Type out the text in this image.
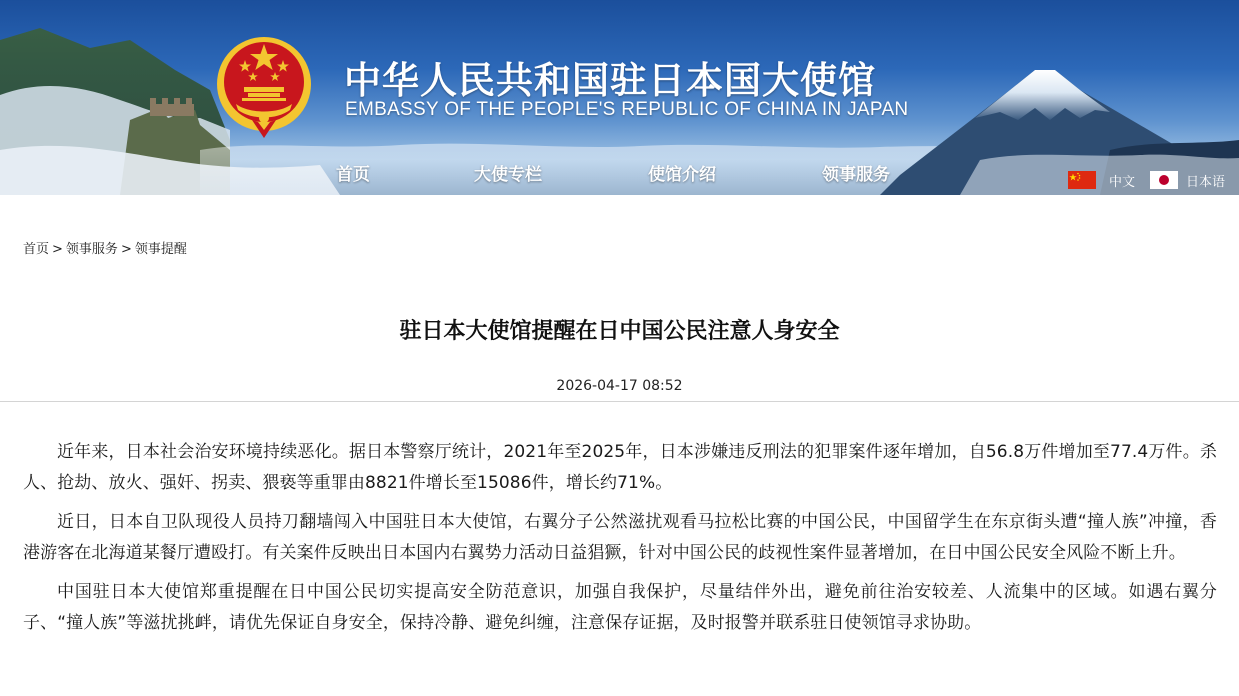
中华人民共和国驻日本国大使馆
EMBASSY OF THE PEOPLE'S REPUBLIC OF CHINA IN JAPAN
首页	大使专栏	使馆介绍	领事服务	中文	日本语
首页 > 领事服务 > 领事提醒
驻日本大使馆提醒在日中国公民注意人身安全
2026-04-17 08:52

近年来，日本社会治安环境持续恶化。据日本警察厅统计，2021年至2025年，日本涉嫌违反刑法的犯罪案件逐年增加，自56.8万件增加至77.4万件。杀人、抢劫、放火、强奸、拐卖、猥亵等重罪由8821件增长至15086件，增长约71%。

近日，日本自卫队现役人员持刀翻墙闯入中国驻日本大使馆，右翼分子公然滋扰观看马拉松比赛的中国公民，中国留学生在东京街头遭“撞人族”冲撞，香港游客在北海道某餐厅遭殴打。有关案件反映出日本国内右翼势力活动日益猖獗，针对中国公民的歧视性案件显著增加，在日中国公民安全风险不断上升。

中国驻日本大使馆郑重提醒在日中国公民切实提高安全防范意识，加强自我保护，尽量结伴外出，避免前往治安较差、人流集中的区域。如遇右翼分子、“撞人族”等滋扰挑衅，请优先保证自身安全，保持冷静、避免纠缠，注意保存证据，及时报警并联系驻日使领馆寻求协助。
